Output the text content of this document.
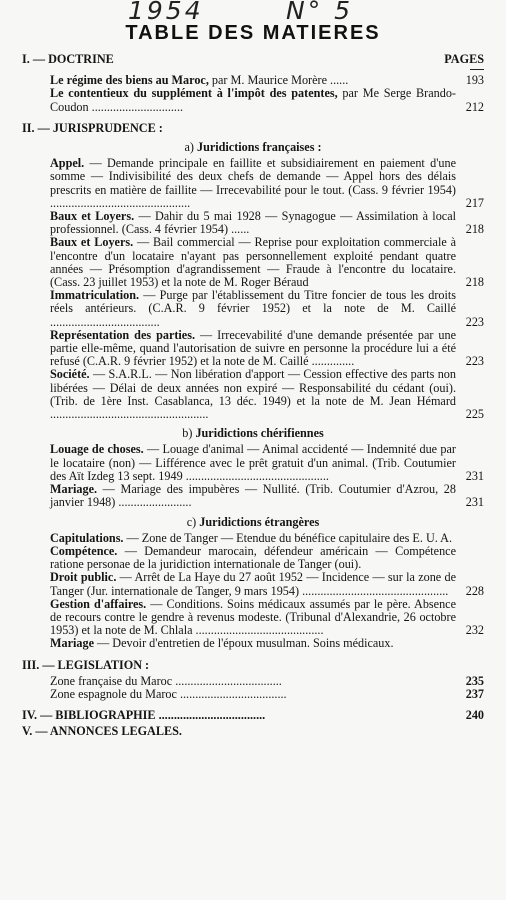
1954	N° 5
TABLE DES MATIERES
I. — DOCTRINE	PAGES
Le régime des biens au Maroc, par M. Maurice Morère ......	193
Le contentieux du supplément à l'impôt des patentes, par Me Serge Brando-Coudon ..............................	212
II. — JURISPRUDENCE :
a) Juridictions françaises :
Appel. — Demande principale en faillite et subsidiairement en paiement d'une somme — Indivisibilité des deux chefs de demande — Appel hors des délais prescrits en matière de faillite — Irrecevabilité pour le tout. (Cass. 9 février 1954) ..............................................	217
Baux et Loyers. — Dahir du 5 mai 1928 — Synagogue — Assimilation à local professionnel. (Cass. 4 février 1954) ......	218
Baux et Loyers. — Bail commercial — Reprise pour exploitation commerciale à l'encontre d'un locataire n'ayant pas personnellement exploité pendant quatre années — Présomption d'agrandissement — Fraude à l'encontre du locataire. (Cass. 23 juillet 1953) et la note de M. Roger Béraud	218
Immatriculation. — Purge par l'établissement du Titre foncier de tous les droits réels antérieurs. (C.A.R. 9 février 1952) et la note de M. Caillé ....................................	223
Représentation des parties. — Irrecevabilité d'une demande présentée par une partie elle-même, quand l'autorisation de suivre en personne la procédure lui a été refusé (C.A.R. 9 février 1952) et la note de M. Caillé ..............	223
Société. — S.A.R.L. — Non libération d'apport — Cession effective des parts non libérées — Délai de deux années non expiré — Responsabilité du cédant (oui). (Trib. de 1ère Inst. Casablanca, 13 déc. 1949) et la note de M. Jean Hémard ....................................................	225
b) Juridictions chérifiennes
Louage de choses. — Louage d'animal — Animal accidenté — Indemnité due par le locataire (non) — Lifférence avec le prêt gratuit d'un animal. (Trib. Coutumier des Aït Izdeg 13 sept. 1949 ...............................................	231
Mariage. — Mariage des impubères — Nullité. (Trib. Coutumier d'Azrou, 28 janvier 1948) ........................	231
c) Juridictions étrangères
Capitulations. — Zone de Tanger — Etendue du bénéfice capitulaire des E. U. A.
Compétence. — Demandeur marocain, défendeur américain — Compétence ratione personae de la juridiction internationale de Tanger (oui).
Droit public. — Arrêt de La Haye du 27 août 1952 — Incidence — sur la zone de Tanger (Jur. internationale de Tanger, 9 mars 1954) ................................................	228
Gestion d'affaires. — Conditions. Soins médicaux assumés par le père. Absence de recours contre le gendre à revenus modeste. (Tribunal d'Alexandrie, 26 octobre 1953) et la note de M. Chlala ..........................................	232
Mariage — Devoir d'entretien de l'époux musulman. Soins médicaux.
III. — LEGISLATION :
Zone française du Maroc ...................................	235
Zone espagnole du Maroc ...................................	237
IV. — BIBLIOGRAPHIE ...................................	240
V. — ANNONCES LEGALES.
